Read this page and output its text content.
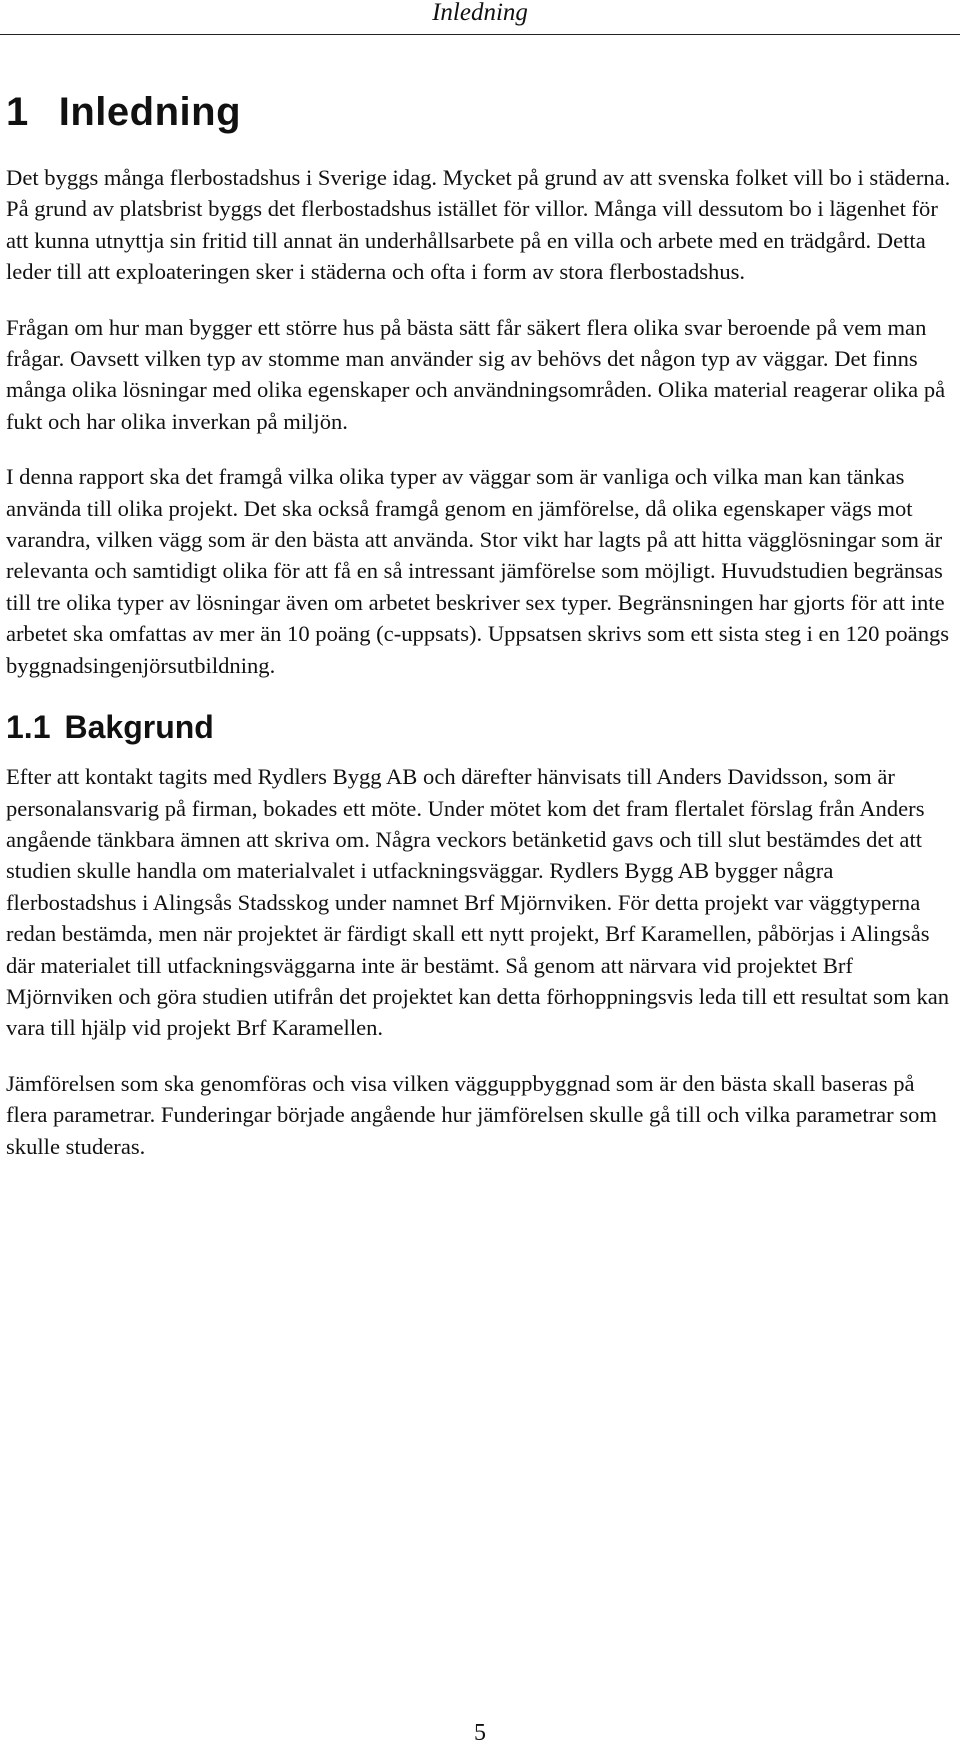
Inledning
1 Inledning

Det byggs många flerbostadshus i Sverige idag. Mycket på grund av att svenska folket vill bo i städerna. På grund av platsbrist byggs det flerbostadshus istället för villor. Många vill dessutom bo i lägenhet för att kunna utnyttja sin fritid till annat än underhållsarbete på en villa och arbete med en trädgård. Detta leder till att exploateringen sker i städerna och ofta i form av stora flerbostadshus.

Frågan om hur man bygger ett större hus på bästa sätt får säkert flera olika svar beroende på vem man frågar. Oavsett vilken typ av stomme man använder sig av behövs det någon typ av väggar. Det finns många olika lösningar med olika egenskaper och användningsområden. Olika material reagerar olika på fukt och har olika inverkan på miljön.

I denna rapport ska det framgå vilka olika typer av väggar som är vanliga och vilka man kan tänkas använda till olika projekt. Det ska också framgå genom en jämförelse, då olika egenskaper vägs mot varandra, vilken vägg som är den bästa att använda. Stor vikt har lagts på att hitta vägglösningar som är relevanta och samtidigt olika för att få en så intressant jämförelse som möjligt. Huvudstudien begränsas till tre olika typer av lösningar även om arbetet beskriver sex typer. Begränsningen har gjorts för att inte arbetet ska omfattas av mer än 10 poäng (c-uppsats). Uppsatsen skrivs som ett sista steg i en 120 poängs byggnadsingenjörsutbildning.

1.1 Bakgrund

Efter att kontakt tagits med Rydlers Bygg AB och därefter hänvisats till Anders Davidsson, som är personalansvarig på firman, bokades ett möte. Under mötet kom det fram flertalet förslag från Anders angående tänkbara ämnen att skriva om. Några veckors betänketid gavs och till slut bestämdes det att studien skulle handla om materialvalet i utfackningsväggar. Rydlers Bygg AB bygger några flerbostadshus i Alingsås Stadsskog under namnet Brf Mjörnviken. För detta projekt var väggtyperna redan bestämda, men när projektet är färdigt skall ett nytt projekt, Brf Karamellen, påbörjas i Alingsås där materialet till utfackningsväggarna inte är bestämt. Så genom att närvara vid projektet Brf Mjörnviken och göra studien utifrån det projektet kan detta förhoppningsvis leda till ett resultat som kan vara till hjälp vid projekt Brf Karamellen.

Jämförelsen som ska genomföras och visa vilken vägguppbyggnad som är den bästa skall baseras på flera parametrar. Funderingar började angående hur jämförelsen skulle gå till och vilka parametrar som skulle studeras.

5
